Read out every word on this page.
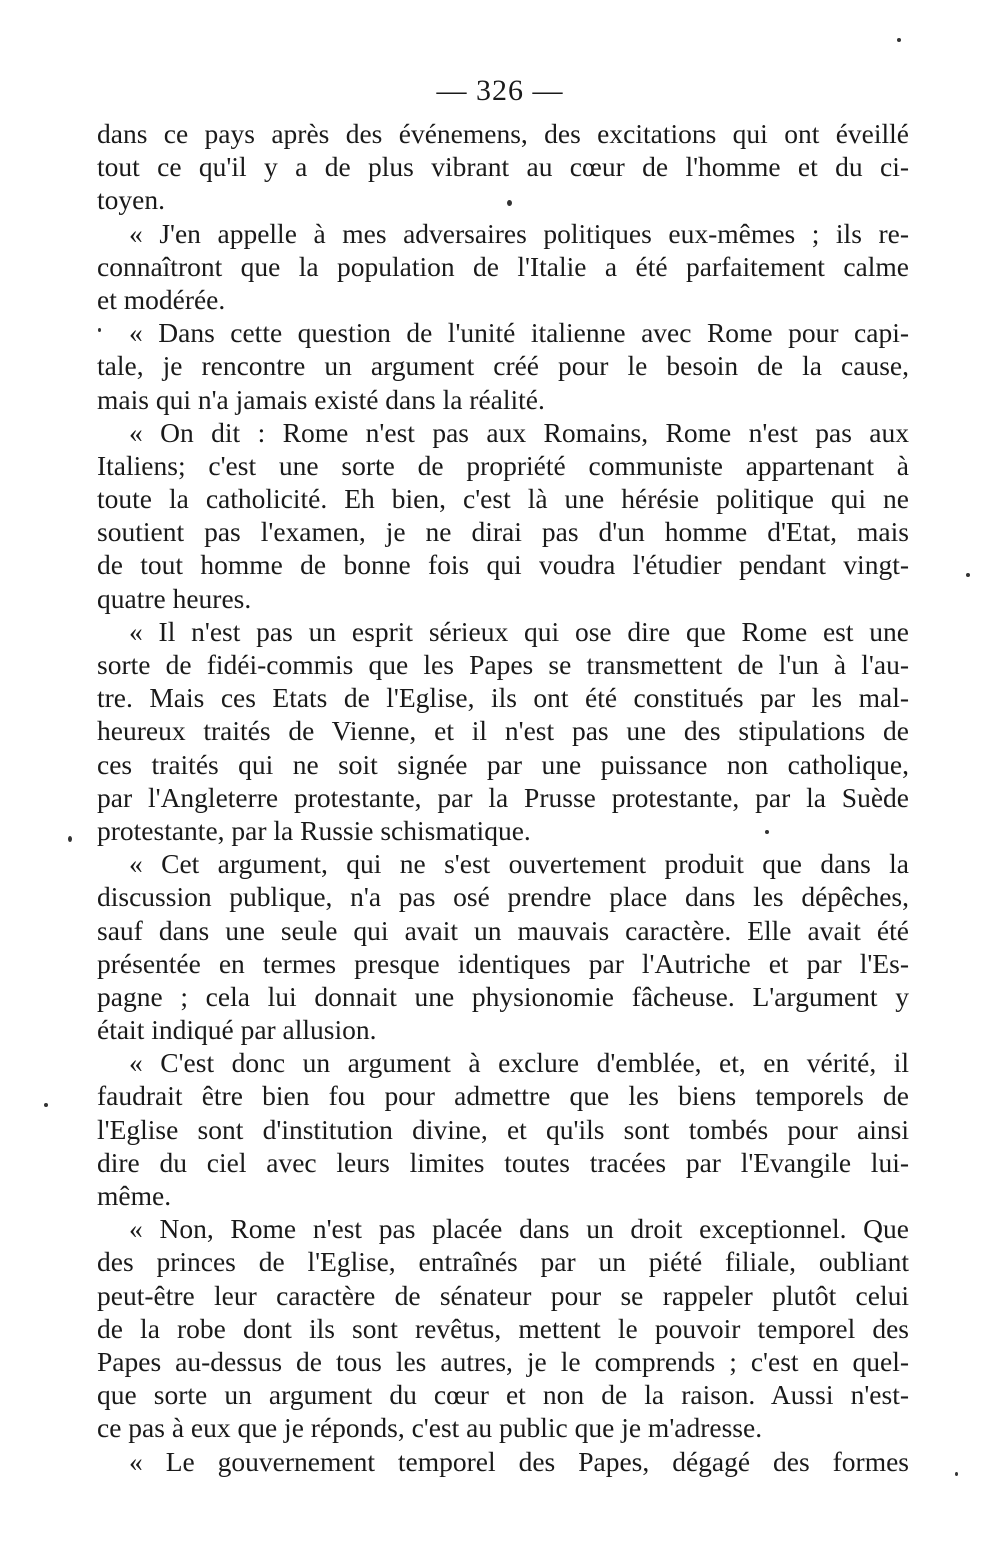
— 326 —
dans ce pays après des événemens, des excitations qui ont éveillé
tout ce qu'il y a de plus vibrant au cœur de l'homme et du ci-
toyen.
« J'en appelle à mes adversaires politiques eux-mêmes ; ils re-
connaîtront que la population de l'Italie a été parfaitement calme
et modérée.
« Dans cette question de l'unité italienne avec Rome pour capi-
tale, je rencontre un argument créé pour le besoin de la cause,
mais qui n'a jamais existé dans la réalité.
« On dit : Rome n'est pas aux Romains, Rome n'est pas aux
Italiens; c'est une sorte de propriété communiste appartenant à
toute la catholicité. Eh bien, c'est là une hérésie politique qui ne
soutient pas l'examen, je ne dirai pas d'un homme d'Etat, mais
de tout homme de bonne fois qui voudra l'étudier pendant vingt-
quatre heures.
« Il n'est pas un esprit sérieux qui ose dire que Rome est une
sorte de fidéi-commis que les Papes se transmettent de l'un à l'au-
tre. Mais ces Etats de l'Eglise, ils ont été constitués par les mal-
heureux traités de Vienne, et il n'est pas une des stipulations de
ces traités qui ne soit signée par une puissance non catholique,
par l'Angleterre protestante, par la Prusse protestante, par la Suède
protestante, par la Russie schismatique.
« Cet argument, qui ne s'est ouvertement produit que dans la
discussion publique, n'a pas osé prendre place dans les dépêches,
sauf dans une seule qui avait un mauvais caractère. Elle avait été
présentée en termes presque identiques par l'Autriche et par l'Es-
pagne ; cela lui donnait une physionomie fâcheuse. L'argument y
était indiqué par allusion.
« C'est donc un argument à exclure d'emblée, et, en vérité, il
faudrait être bien fou pour admettre que les biens temporels de
l'Eglise sont d'institution divine, et qu'ils sont tombés pour ainsi
dire du ciel avec leurs limites toutes tracées par l'Evangile lui-
même.
« Non, Rome n'est pas placée dans un droit exceptionnel. Que
des princes de l'Eglise, entraînés par un piété filiale, oubliant
peut-être leur caractère de sénateur pour se rappeler plutôt celui
de la robe dont ils sont revêtus, mettent le pouvoir temporel des
Papes au-dessus de tous les autres, je le comprends ; c'est en quel-
que sorte un argument du cœur et non de la raison. Aussi n'est-
ce pas à eux que je réponds, c'est au public que je m'adresse.
« Le gouvernement temporel des Papes, dégagé des formes
